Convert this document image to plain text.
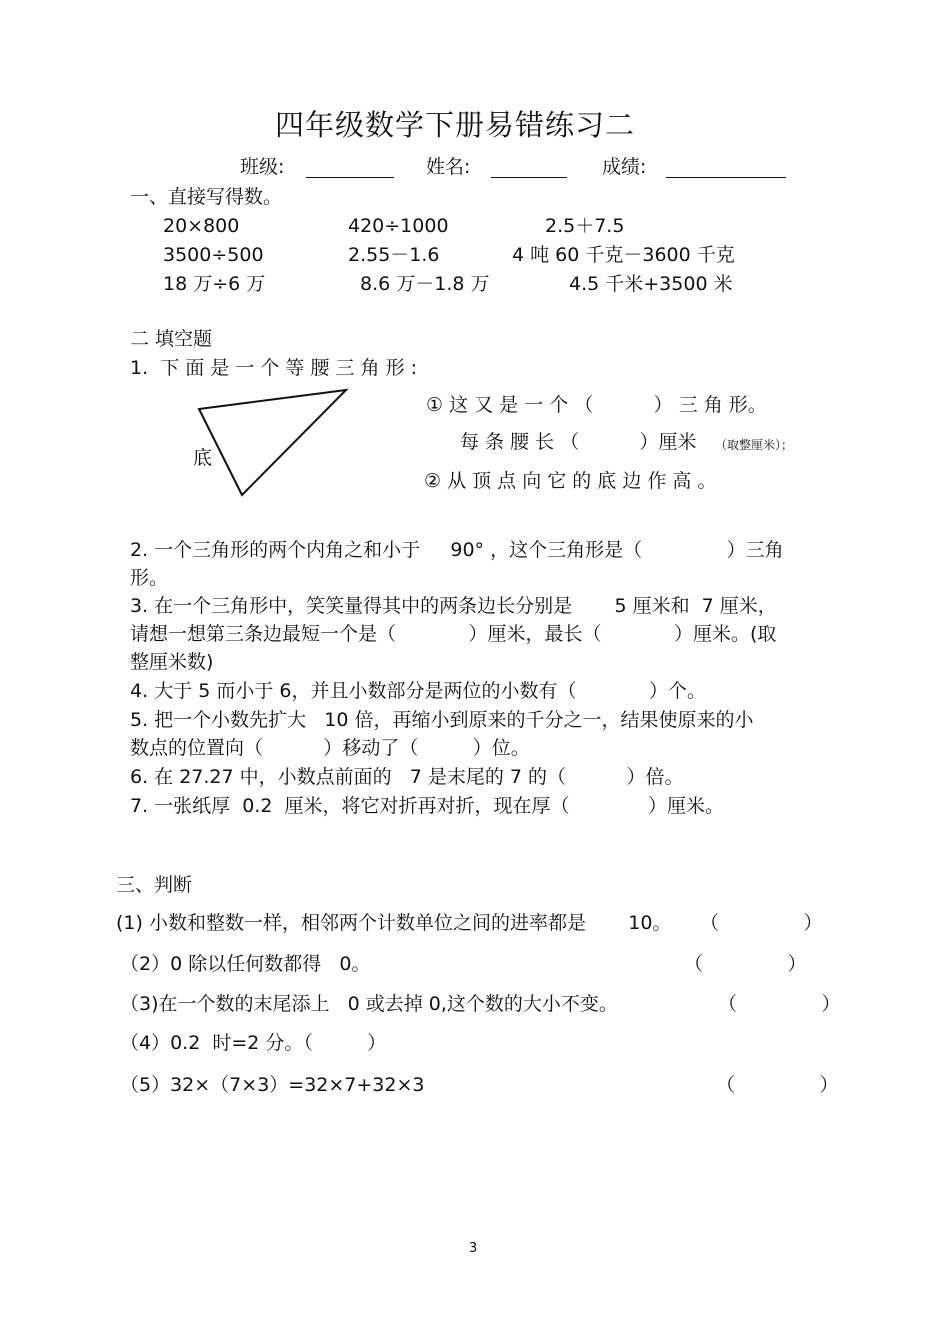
四年级数学下册易错练习二
班级:	姓名:	成绩:
一、直接写得数。
20×800	420÷1000	2.5＋7.5
3500÷500	2.55－1.6	4 吨 60 千克－3600 千克
18 万÷6 万	8.6 万－1.8 万	4.5 千米+3500 米
二 填空题
1.  下 面 是 一 个 等 腰 三 角 形 :
底
① 这 又 是 一 个 （          ） 三 角 形。
每 条 腰 长 （          ）厘米 （取整厘米）；
② 从 顶 点 向 它 的 底 边 作 高 。
2. 一个三角形的两个内角之和小于     90° ，这个三角形是（              ）三角
形。
3. 在一个三角形中，笑笑量得其中的两条边长分别是       5 厘米和  7 厘米，
请想一想第三条边最短一个是（            ）厘米，最长（            ）厘米。(取
整厘米数)
4. 大于 5 而小于 6，并且小数部分是两位的小数有（            ）个。
5. 把一个小数先扩大   10 倍，再缩小到原来的千分之一，结果使原来的小
数点的位置向（          ）移动了（         ）位。
6. 在 27.27 中，小数点前面的   7 是末尾的 7 的（          ）倍。
7. 一张纸厚  0.2  厘米，将它对折再对折，现在厚（             ）厘米。
三、判断
(1) 小数和整数一样，相邻两个计数单位之间的进率都是       10。 （              ）
（2）0 除以任何数都得   0。	（              ）
（3)在一个数的末尾添上   0 或去掉 0,这个数的大小不变。	（              ）
（4）0.2  时=2 分。（         ）
（5）32×（7×3）=32×7+32×3	（              ）
3
